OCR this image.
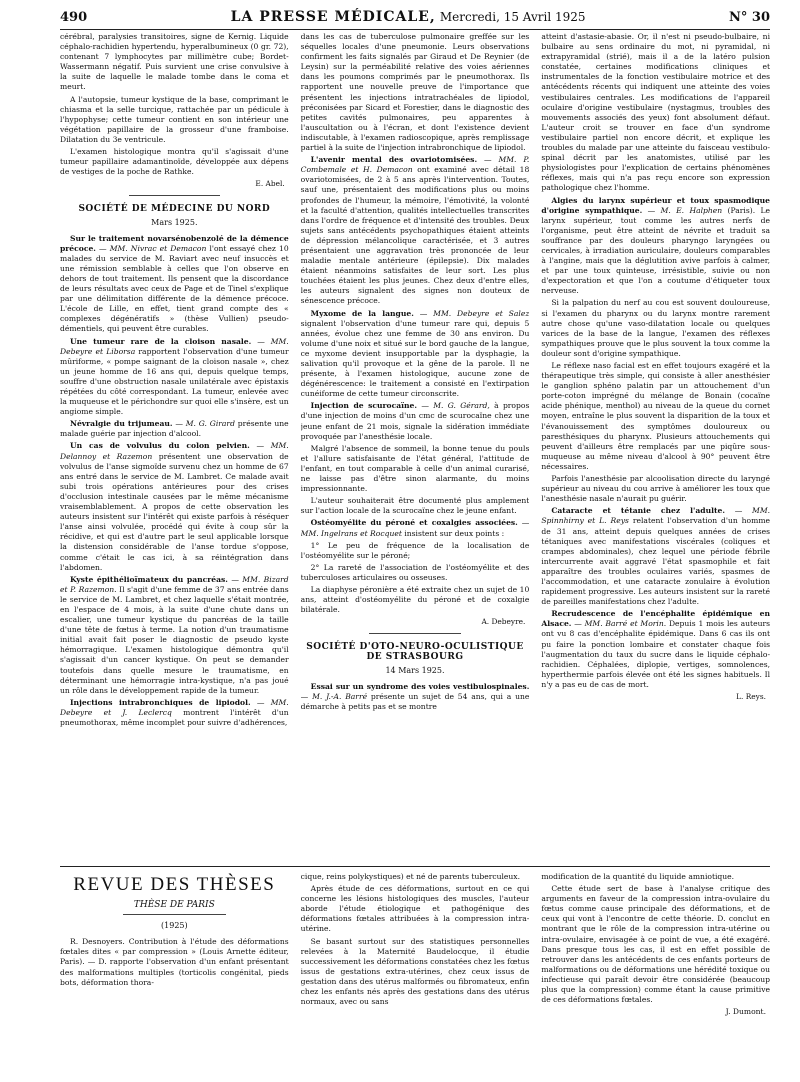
490	LA PRESSE MÉDICALE, Mercredi, 15 Avril 1925	N° 30

cérébral, paralysies transitoires, signe de Kernig. Liquide céphalo-rachidien hypertendu, hyperalbumineux (0 gr. 72), contenant 7 lymphocytes par millimètre cube; Bordet-Wassermann négatif. Puis survient une crise convulsive à la suite de laquelle le malade tombe dans le coma et meurt.

A l'autopsie, tumeur kystique de la base, comprimant le chiasma et la selle turcique, rattachée par un pédicule à l'hypophyse; cette tumeur contient en son intérieur une végétation papillaire de la grosseur d'une framboise. Dilatation du 3e ventricule.

L'examen histologique montra qu'il s'agissait d'une tumeur papillaire adamantinoïde, développée aux dépens de vestiges de la poche de Rathke.

E. Abel.
SOCIÉTÉ DE MÉDECINE DU NORD
Mars 1925.

Sur le traitement novarsénobenzolé de la démence précoce. — MM. Nivrac et Demacon l'ont essayé chez 10 malades du service de M. Raviart avec neuf insuccès et une rémission semblable à celles que l'on observe en dehors de tout traitement. Ils pensent que la discordance de leurs résultats avec ceux de Page et de Tinel s'explique par une délimitation différente de la démence précoce. L'école de Lille, en effet, tient grand compte des « complexes dégénératifs » (thèse Vullien) pseudo-démentiels, qui peuvent être curables.

Une tumeur rare de la cloison nasale. — MM. Debeyre et Liborsa rapportent l'observation d'une tumeur mûriforme, « pompe saignant de la cloison nasale », chez un jeune homme de 16 ans qui, depuis quelque temps, souffre d'une obstruction nasale unilatérale avec épistaxis répétées du côté correspondant. La tumeur, enlevée avec la muqueuse et le périchondre sur quoi elle s'insère, est un angiome simple.

Névralgie du trijumeau. — M. G. Girard présente une malade guérie par injection d'alcool.

Un cas de volvulus du colon pelvien. — MM. Delannoy et Razemon présentent une observation de volvulus de l'anse sigmoïde survenu chez un homme de 67 ans entré dans le service de M. Lambret. Ce malade avait subi trois opérations antérieures pour des crises d'occlusion intestinale causées par le même mécanisme vraisemblablement. A propos de cette observation les auteurs insistent sur l'intérêt qui existe parfois à réséquer l'anse ainsi volvulée, procédé qui évite à coup sûr la récidive, et qui est d'autre part le seul applicable lorsque la distension considérable de l'anse tordue s'oppose, comme c'était le cas ici, à sa réintégration dans l'abdomen.

Kyste épithélioïmateux du pancréas. — MM. Bizard et P. Razemon. Il s'agit d'une femme de 37 ans entrée dans le service de M. Lambret, et chez laquelle s'était montrée, en l'espace de 4 mois, à la suite d'une chute dans un escalier, une tumeur kystique du pancréas de la taille d'une tête de fœtus à terme. La notion d'un traumatisme initial avait fait poser le diagnostic de pseudo kyste hémorragique. L'examen histologique démontra qu'il s'agissait d'un cancer kystique. On peut se demander toutefois dans quelle mesure le traumatisme, en déterminant une hémorragie intra-kystique, n'a pas joué un rôle dans le développement rapide de la tumeur.

Injections intrabronchiques de lipiodol. — MM. Debeyre et J. Leclercq montrent l'intérêt d'un pneumothorax, même incomplet pour suivre d'adhérences,

dans les cas de tuberculose pulmonaire greffée sur les séquelles locales d'une pneumonie. Leurs observations confirment les faits signalés par Giraud et De Reynier (de Leysin) sur la perméabilité relative des voies aériennes dans les poumons comprimés par le pneumothorax. Ils rapportent une nouvelle preuve de l'importance que présentent les injections intratrachéales de lipiodol, préconisées par Sicard et Forestier, dans le diagnostic des petites cavités pulmonaires, peu apparentes à l'auscultation ou à l'écran, et dont l'existence devient indiscutable, à l'examen radioscopique, après remplissage partiel à la suite de l'injection intrabronchique de lipiodol.

L'avenir mental des ovariotomisées. — MM. P. Combemale et H. Demacon ont examiné avec détail 18 ovariotomisées, de 2 à 5 ans après l'intervention. Toutes, sauf une, présentaient des modifications plus ou moins profondes de l'humeur, la mémoire, l'émotivité, la volonté et la faculté d'attention, qualités intellectuelles transcrites dans l'ordre de fréquence et d'intensité des troubles. Deux sujets sans antécédents psychopathiques étaient atteints de dépression mélancolique caractérisée, et 3 autres présentaient une aggravation très prononcée de leur maladie mentale antérieure (épilepsie). Dix malades étaient néanmoins satisfaites de leur sort. Les plus touchées étaient les plus jeunes. Chez deux d'entre elles, les auteurs signalent des signes non douteux de sénescence précoce.

Myxome de la langue. — MM. Debeyre et Salez signalent l'observation d'une tumeur rare qui, depuis 5 années, évolue chez une femme de 30 ans environ. Du volume d'une noix et situé sur le bord gauche de la langue, ce myxome devient insupportable par la dysphagie, la salivation qu'il provoque et la gêne de la parole. Il ne présente, à l'examen histologique, aucune zone de dégénérescence: le traitement a consisté en l'extirpation cunéiforme de cette tumeur circonscrite.

Injection de scurocaïne. — M. G. Gérard, à propos d'une injection de moins d'un cmc de scurocaïne chez une jeune enfant de 21 mois, signale la sidération immédiate provoquée par l'anesthésie locale.

Malgré l'absence de sommeil, la bonne tenue du pouls et l'allure satisfaisante de l'état général, l'attitude de l'enfant, en tout comparable à celle d'un animal curarisé, ne laisse pas d'être sinon alarmante, du moins impressionnante.

L'auteur souhaiterait être documenté plus amplement sur l'action locale de la scurocaïne chez le jeune enfant.

Ostéomyélite du péroné et coxalgies associées. — MM. Ingelrans et Rocquet insistent sur deux points :

1° Le peu de fréquence de la localisation de l'ostéomyélite sur le péroné;

2° La rareté de l'association de l'ostéomyélite et des tuberculoses articulaires ou osseuses.

La diaphyse péronière a été extraite chez un sujet de 10 ans, atteint d'ostéomyélite du péroné et de coxalgie bilatérale.

A. Debeyre.
SOCIÉTÉ D'OTO-NEURO-OCULISTIQUE DE STRASBOURG
14 Mars 1925.

Essai sur un syndrome des voies vestibulospinales. — M. J.-A. Barré présente un sujet de 54 ans, qui a une démarche à petits pas et se montre

atteint d'astasie-abasie. Or, il n'est ni pseudo-bulbaire, ni bulbaire au sens ordinaire du mot, ni pyramidal, ni extrapyramidal (strié), mais il a de la latéro pulsion constatée, certaines modifications cliniques et instrumentales de la fonction vestibulaire motrice et des antécédents récents qui indiquent une atteinte des voies vestibulaires centrales. Les modifications de l'appareil oculaire d'origine vestibulaire (nystagmus, troubles des mouvements associés des yeux) font absolument défaut. L'auteur croit se trouver en face d'un syndrome vestibulaire partiel non encore décrit, et explique les troubles du malade par une atteinte du faisceau vestibulo-spinal décrit par les anatomistes, utilisé par les physiologistes pour l'explication de certains phénomènes réflexes, mais qui n'a pas reçu encore son expression pathologique chez l'homme.

Algies du larynx supérieur et toux spasmodique d'origine sympathique. — M. E. Halphen (Paris). Le larynx supérieur, tout comme les autres nerfs de l'organisme, peut être atteint de névrite et traduit sa souffrance par des douleurs pharyngo laryngées ou cervicales, à irradiation auriculaire, douleurs comparables à l'angine, mais que la déglutition avive parfois à calmer, et par une toux quinteuse, irrésistible, suivie ou non d'expectoration et que l'on a coutume d'étiqueter toux nerveuse.

Si la palpation du nerf au cou est souvent douloureuse, si l'examen du pharynx ou du larynx montre rarement autre chose qu'une vaso-dilatation locale ou quelques varices de la base de la langue, l'examen des réflexes sympathiques prouve que le plus souvent la toux comme la douleur sont d'origine sympathique.

Le réflexe naso facial est en effet toujours exagéré et la thérapeutique très simple, qui consiste à aller anesthésier le ganglion sphéno palatin par un attouchement d'un porte-coton imprégné du mélange de Bonain (cocaïne acide phénique, menthol) au niveau de la queue du cornet moyen, entraîne le plus souvent la disparition de la toux et l'évanouissement des symptômes douloureux ou paresthésiques du pharynx. Plusieurs attouchements qui peuvent d'ailleurs être remplacés par une piqûre sous-muqueuse au même niveau d'alcool à 90° peuvent être nécessaires.

Parfois l'anesthésie par alcoolisation directe du laryngé supérieur au niveau du cou arrive à améliorer les toux que l'anesthésie nasale n'aurait pu guérir.

Cataracte et tétanie chez l'adulte. — MM. Spinnhirny et L. Reys relatent l'observation d'un homme de 31 ans, atteint depuis quelques années de crises tétaniques avec manifestations viscérales (coliques et crampes abdominales), chez lequel une période fébrile intercurrente avait aggravé l'état spasmophile et fait apparaître des troubles oculaires variés, spasmes de l'accommodation, et une cataracte zonulaire à évolution rapidement progressive. Les auteurs insistent sur la rareté de pareilles manifestations chez l'adulte.

Recrudescence de l'encéphalite épidémique en Alsace. — MM. Barré et Morin. Depuis 1 mois les auteurs ont vu 8 cas d'encéphalite épidémique. Dans 6 cas ils ont pu faire la ponction lombaire et constater chaque fois l'augmentation du taux du sucre dans le liquide céphalo-rachidien. Céphalées, diplopie, vertiges, somnolences, hyperthermie parfois élevée ont été les signes habituels. Il n'y a pas eu de cas de mort.

L. Reys.
REVUE DES THÈSES
THÈSE DE PARIS
(1925)

R. Desnoyers. Contribution à l'étude des déformations fœtales dites « par compression » (Louis Arnette éditeur, Paris). — D. rapporte l'observation d'un enfant présentant des malformations multiples (torticolis congénital, pieds bots, déformation thora-

cique, reins polykystiques) et né de parents tuberculeux.

Après étude de ces déformations, surtout en ce qui concerne les lésions histologiques des muscles, l'auteur aborde l'étude étiologique et pathogénique des déformations fœtales attribuées à la compression intra-utérine.

Se basant surtout sur des statistiques personnelles relevées à la Maternité Baudelocque, il étudie successivement les déformations constatées chez les fœtus issus de gestations extra-utérines, chez ceux issus de gestation dans des utérus malformés ou fibromateux, enfin chez les enfants nés après des gestations dans des utérus normaux, avec ou sans

modification de la quantité du liquide amniotique.

Cette étude sert de base à l'analyse critique des arguments en faveur de la compression intra-ovulaire du fœtus comme cause principale des déformations, et de ceux qui vont à l'encontre de cette théorie. D. conclut en montrant que le rôle de la compression intra-utérine ou intra-ovulaire, envisagée à ce point de vue, a été exagéré. Dans presque tous les cas, il est en effet possible de retrouver dans les antécédents de ces enfants porteurs de malformations ou de déformations une hérédité toxique ou infectieuse qui paraît devoir être considérée (beaucoup plus que la compression) comme étant la cause primitive de ces déformations fœtales.

J. Dumont.
